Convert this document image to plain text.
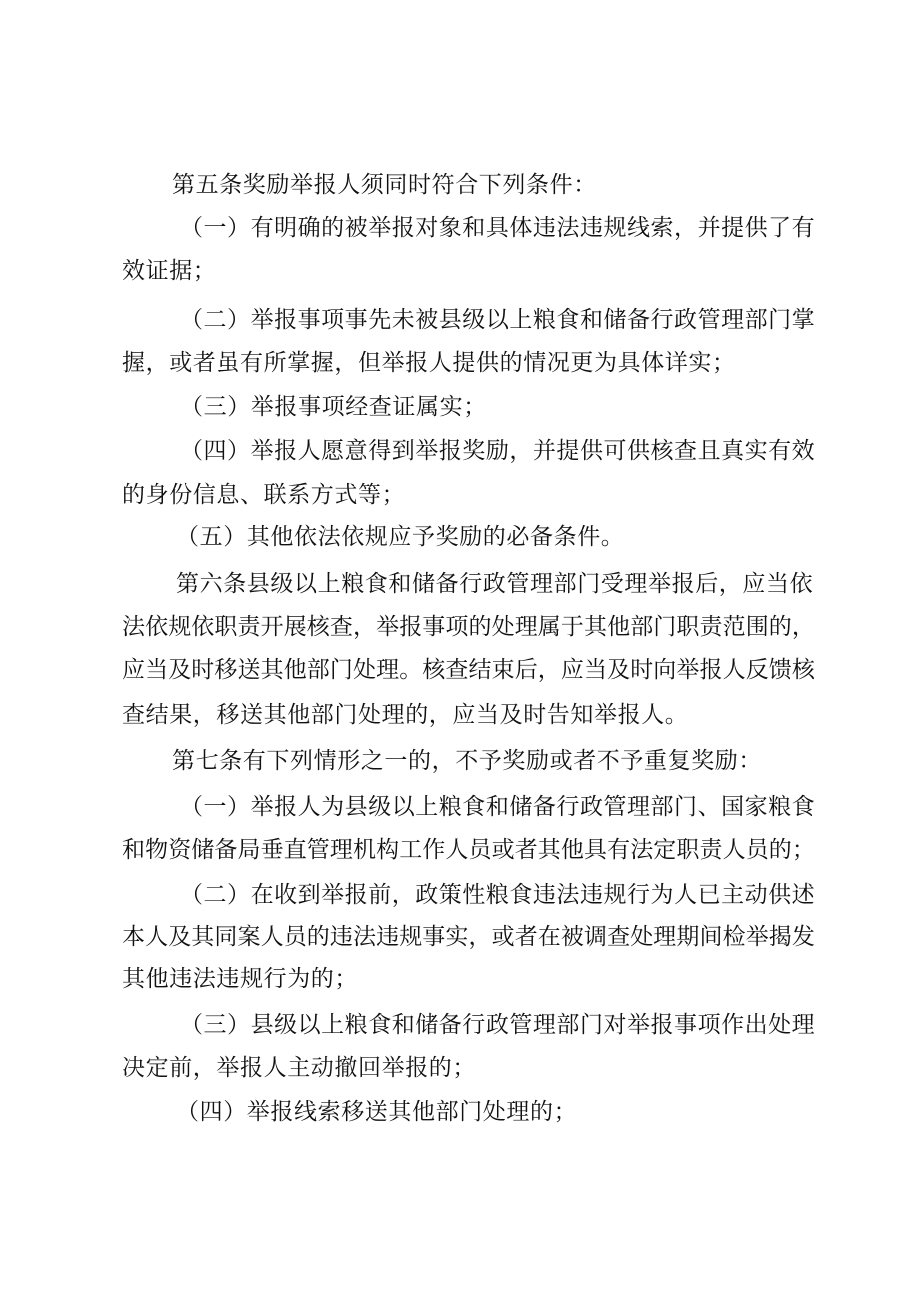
第五条奖励举报人须同时符合下列条件：
（一）有明确的被举报对象和具体违法违规线索，并提供了有
效证据；
（二）举报事项事先未被县级以上粮食和储备行政管理部门掌
握，或者虽有所掌握，但举报人提供的情况更为具体详实；
（三）举报事项经查证属实；
（四）举报人愿意得到举报奖励，并提供可供核查且真实有效
的身份信息、联系方式等；
（五）其他依法依规应予奖励的必备条件。
第六条县级以上粮食和储备行政管理部门受理举报后，应当依
法依规依职责开展核查，举报事项的处理属于其他部门职责范围的，
应当及时移送其他部门处理。核查结束后，应当及时向举报人反馈核
查结果，移送其他部门处理的，应当及时告知举报人。
第七条有下列情形之一的，不予奖励或者不予重复奖励：
（一）举报人为县级以上粮食和储备行政管理部门、国家粮食
和物资储备局垂直管理机构工作人员或者其他具有法定职责人员的；
（二）在收到举报前，政策性粮食违法违规行为人已主动供述
本人及其同案人员的违法违规事实，或者在被调查处理期间检举揭发
其他违法违规行为的；
（三）县级以上粮食和储备行政管理部门对举报事项作出处理
决定前，举报人主动撤回举报的；
（四）举报线索移送其他部门处理的；
